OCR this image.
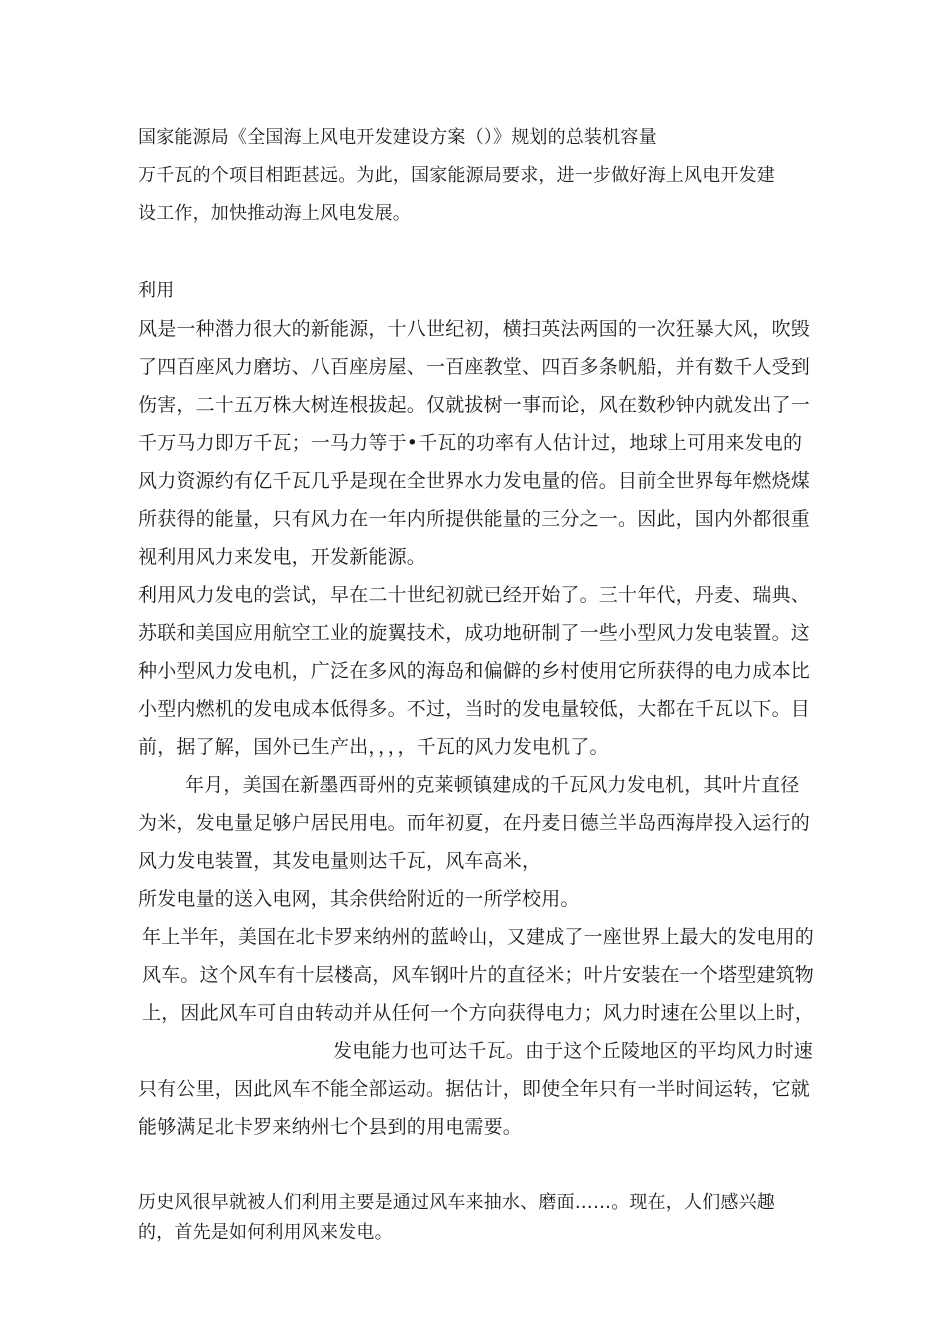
国家能源局《全国海上风电开发建设方案（）》规划的总装机容量
万千瓦的个项目相距甚远。为此，国家能源局要求，进一步做好海上风电开发建
设工作，加快推动海上风电发展。
利用
风是一种潜力很大的新能源，十八世纪初，横扫英法两国的一次狂暴大风，吹毁
了四百座风力磨坊、八百座房屋、一百座教堂、四百多条帆船，并有数千人受到
伤害，二十五万株大树连根拔起。仅就拔树一事而论，风在数秒钟内就发出了一
千万马力即万千瓦；一马力等于•千瓦的功率有人估计过，地球上可用来发电的
风力资源约有亿千瓦几乎是现在全世界水力发电量的倍。目前全世界每年燃烧煤
所获得的能量，只有风力在一年内所提供能量的三分之一。因此，国内外都很重
视利用风力来发电，开发新能源。
利用风力发电的尝试，早在二十世纪初就已经开始了。三十年代，丹麦、瑞典、
苏联和美国应用航空工业的旋翼技术，成功地研制了一些小型风力发电装置。这
种小型风力发电机，广泛在多风的海岛和偏僻的乡村使用它所获得的电力成本比
小型内燃机的发电成本低得多。不过，当时的发电量较低，大都在千瓦以下。目
前，据了解，国外已生产出，，，，千瓦的风力发电机了。
年月，美国在新墨西哥州的克莱顿镇建成的千瓦风力发电机，其叶片直径
为米，发电量足够户居民用电。而年初夏，在丹麦日德兰半岛西海岸投入运行的
风力发电装置，其发电量则达千瓦，风车高米，
所发电量的送入电网，其余供给附近的一所学校用。
年上半年，美国在北卡罗来纳州的蓝岭山，又建成了一座世界上最大的发电用的
风车。这个风车有十层楼高，风车钢叶片的直径米；叶片安装在一个塔型建筑物
上，因此风车可自由转动并从任何一个方向获得电力；风力时速在公里以上时，
发电能力也可达千瓦。由于这个丘陵地区的平均风力时速
只有公里，因此风车不能全部运动。据估计，即使全年只有一半时间运转，它就
能够满足北卡罗来纳州七个县到的用电需要。
历史风很早就被人们利用主要是通过风车来抽水、磨面……。现在，人们感兴趣
的，首先是如何利用风来发电。
